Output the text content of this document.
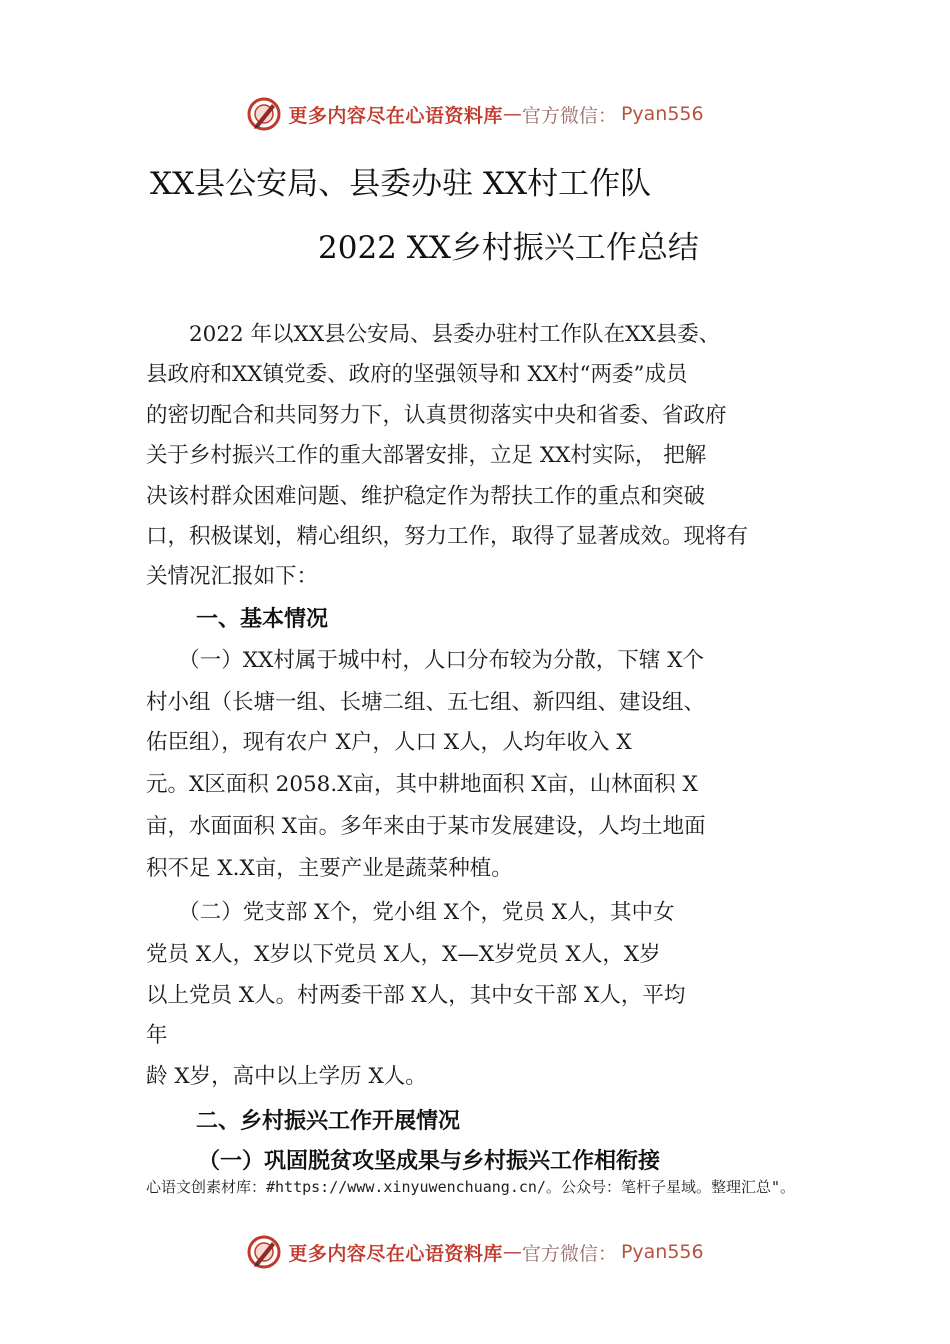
更多内容尽在心语资料库 — 官方微信： Pyan556
XX县公安局、县委办驻 XX村工作队
2022 XX乡村振兴工作总结
　　2022 年以XX县公安局、县委办驻村工作队在XX县委、
县政府和XX镇党委、政府的坚强领导和 XX村“两委”成员
的密切配合和共同努力下，认真贯彻落实中央和省委、省政府
关于乡村振兴工作的重大部署安排，立足 XX村实际， 把解
决该村群众困难问题、维护稳定作为帮扶工作的重点和突破
口，积极谋划，精心组织，努力工作，取得了显著成效。现将有
关情况汇报如下：
一、基本情况
　　（一）XX村属于城中村，人口分布较为分散，下辖 X个
村小组（长塘一组、长塘二组、五七组、新四组、建设组、
佑臣组），现有农户 X户，人口 X人，人均年收入 X
元。X区面积 2058.X亩，其中耕地面积 X亩，山林面积 X
亩，水面面积 X亩。多年来由于某市发展建设，人均土地面
积不足 X.X亩，主要产业是蔬菜种植。
　　（二）党支部 X个，党小组 X个，党员 X人，其中女
党员 X人，X岁以下党员 X人，X—X岁党员 X人，X岁
以上党员 X人。村两委干部 X人，其中女干部 X人，平均
年
龄 X岁，高中以上学历 X人。
二、乡村振兴工作开展情况
（一）巩固脱贫攻坚成果与乡村振兴工作相衔接
心语文创素材库：#https://www.xinyuwenchuang.cn/。公众号：笔杆子星域。整理汇总"。
更多内容尽在心语资料库 — 官方微信： Pyan556
